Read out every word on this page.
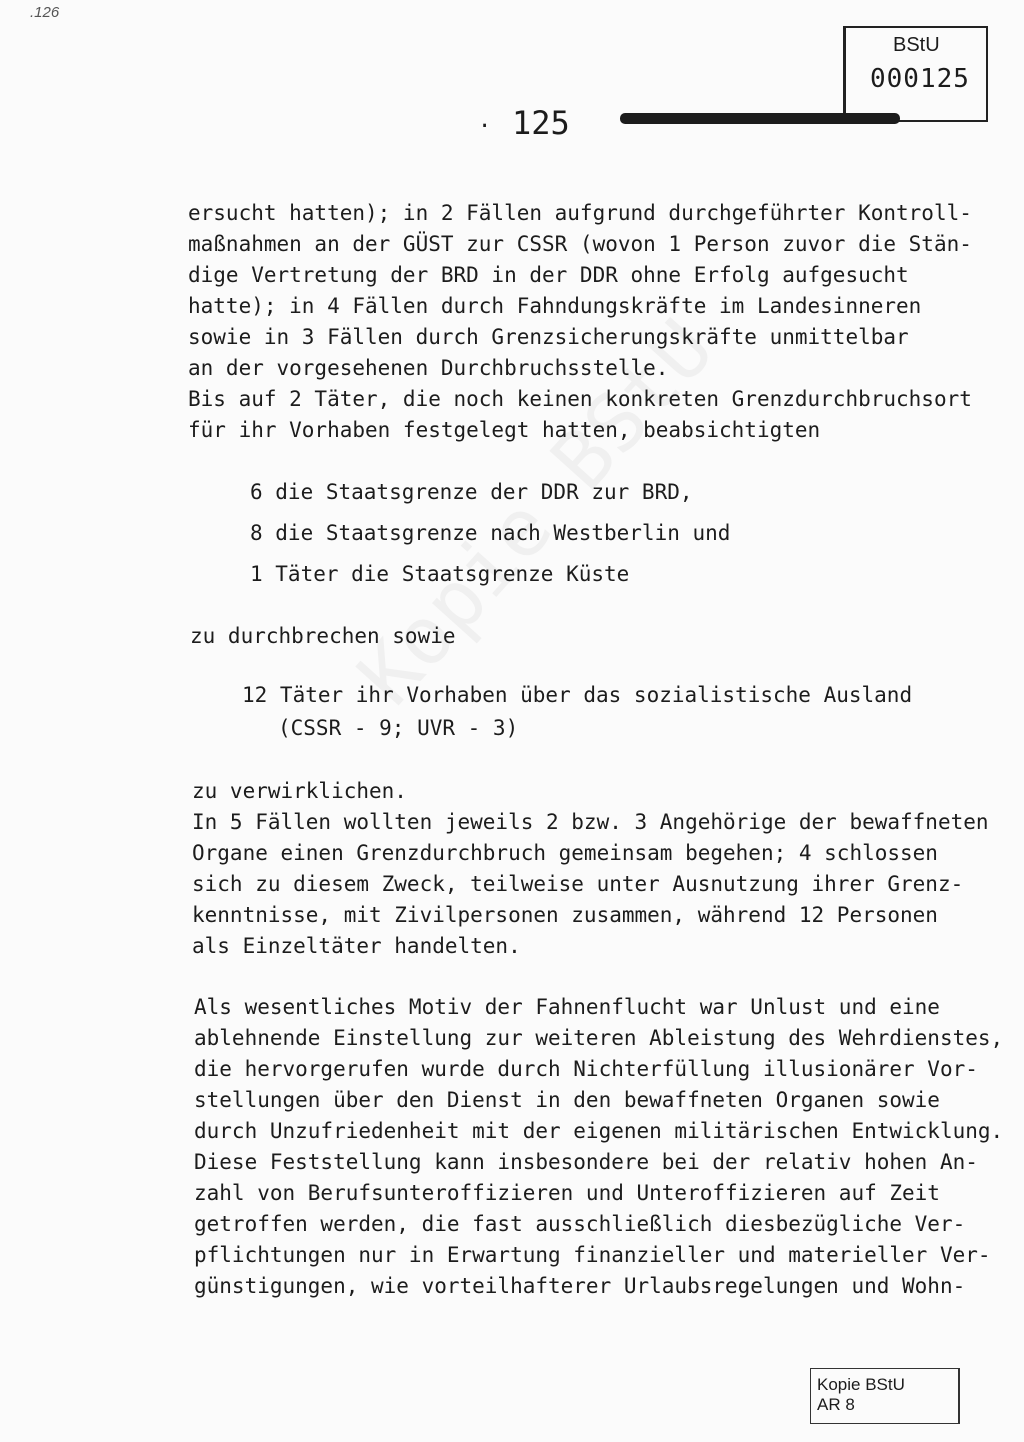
.126
BStU
000125
· 125
ersucht hatten); in 2 Fällen aufgrund durchgeführter Kontroll-
maßnahmen an der GÜST zur CSSR (wovon 1 Person zuvor die Stän-
dige Vertretung der BRD in der DDR ohne Erfolg aufgesucht
hatte); in 4 Fällen durch Fahndungskräfte im Landesinneren
sowie in 3 Fällen durch Grenzsicherungskräfte unmittelbar
an der vorgesehenen Durchbruchsstelle.
Bis auf 2 Täter, die noch keinen konkreten Grenzdurchbruchsort
für ihr Vorhaben festgelegt hatten, beabsichtigten
6 die Staatsgrenze der DDR zur BRD,
8 die Staatsgrenze nach Westberlin und
1 Täter die Staatsgrenze Küste
zu durchbrechen sowie
12 Täter ihr Vorhaben über das sozialistische Ausland
(CSSR - 9; UVR - 3)
zu verwirklichen.
In 5 Fällen wollten jeweils 2 bzw. 3 Angehörige der bewaffneten
Organe einen Grenzdurchbruch gemeinsam begehen; 4 schlossen
sich zu diesem Zweck, teilweise unter Ausnutzung ihrer Grenz-
kenntnisse, mit Zivilpersonen zusammen, während 12 Personen
als Einzeltäter handelten.
Als wesentliches Motiv der Fahnenflucht war Unlust und eine
ablehnende Einstellung zur weiteren Ableistung des Wehrdienstes,
die hervorgerufen wurde durch Nichterfüllung illusionärer Vor-
stellungen über den Dienst in den bewaffneten Organen sowie
durch Unzufriedenheit mit der eigenen militärischen Entwicklung.
Diese Feststellung kann insbesondere bei der relativ hohen An-
zahl von Berufsunteroffizieren und Unteroffizieren auf Zeit
getroffen werden, die fast ausschließlich diesbezügliche Ver-
pflichtungen nur in Erwartung finanzieller und materieller Ver-
günstigungen, wie vorteilhafterer Urlaubsregelungen und Wohn-
Kopie BStU
AR 8
